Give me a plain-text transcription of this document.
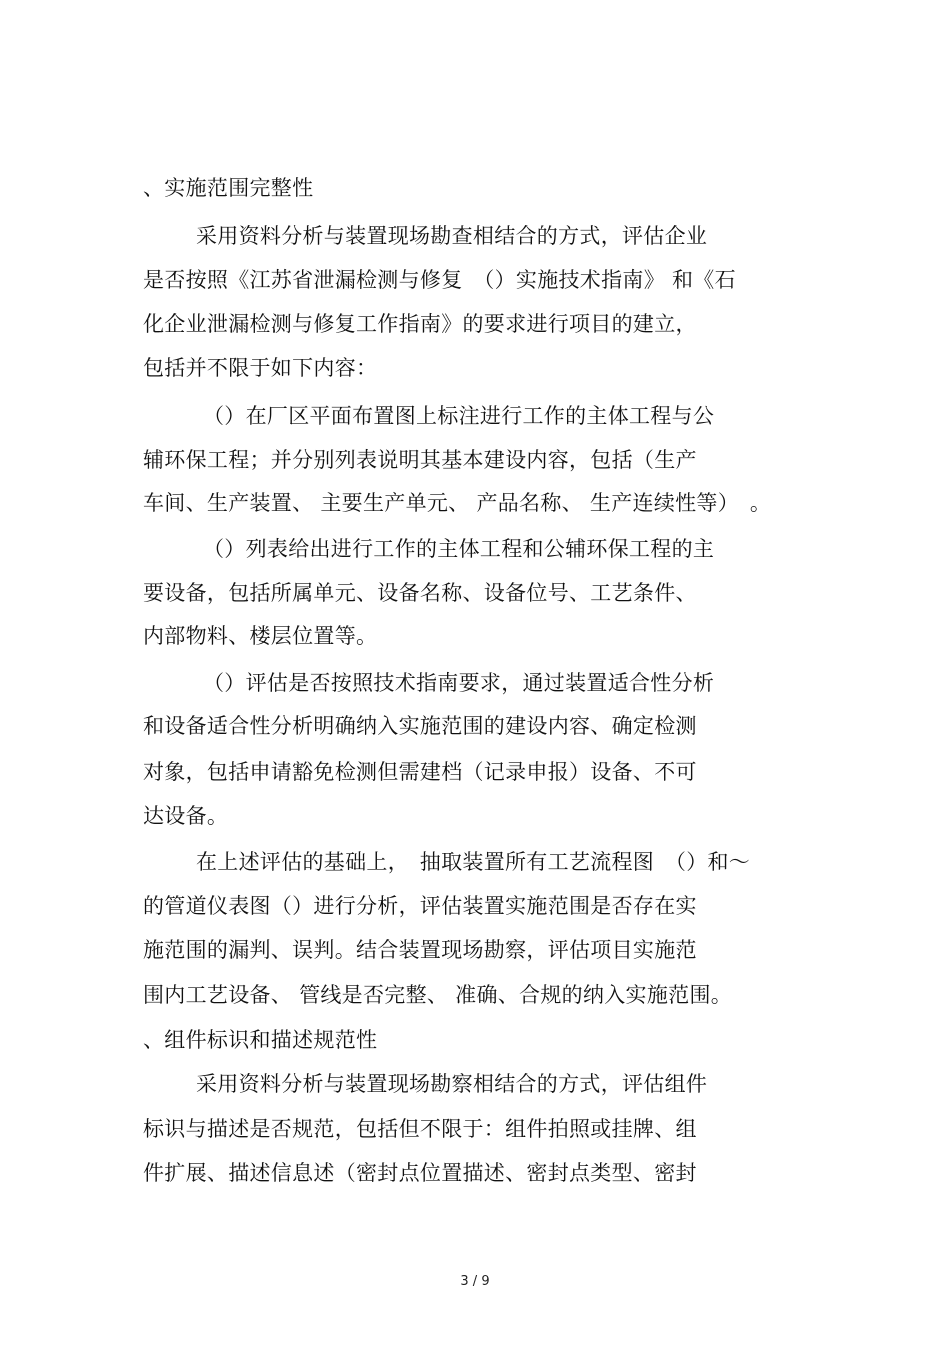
、实施范围完整性
采用资料分析与装置现场勘查相结合的方式，评估企业
是否按照《江苏省泄漏检测与修复　（）实施技术指南》 和《石
化企业泄漏检测与修复工作指南》的要求进行项目的建立，
包括并不限于如下内容：
（）在厂区平面布置图上标注进行工作的主体工程与公
辅环保工程；并分别列表说明其基本建设内容，包括（生产
车间、生产装置、 主要生产单元、 产品名称、 生产连续性等）　。
（）列表给出进行工作的主体工程和公辅环保工程的主
要设备，包括所属单元、设备名称、设备位号、工艺条件、
内部物料、楼层位置等。
（）评估是否按照技术指南要求，通过装置适合性分析
和设备适合性分析明确纳入实施范围的建设内容、确定检测
对象，包括申请豁免检测但需建档（记录申报）设备、不可
达设备。
在上述评估的基础上，　抽取装置所有工艺流程图　（）和～
的管道仪表图（）进行分析，评估装置实施范围是否存在实
施范围的漏判、误判。结合装置现场勘察，评估项目实施范
围内工艺设备、 管线是否完整、 准确、合规的纳入实施范围。
、组件标识和描述规范性
采用资料分析与装置现场勘察相结合的方式，评估组件
标识与描述是否规范，包括但不限于：组件拍照或挂牌、组
件扩展、描述信息述（密封点位置描述、密封点类型、密封
3 / 9
